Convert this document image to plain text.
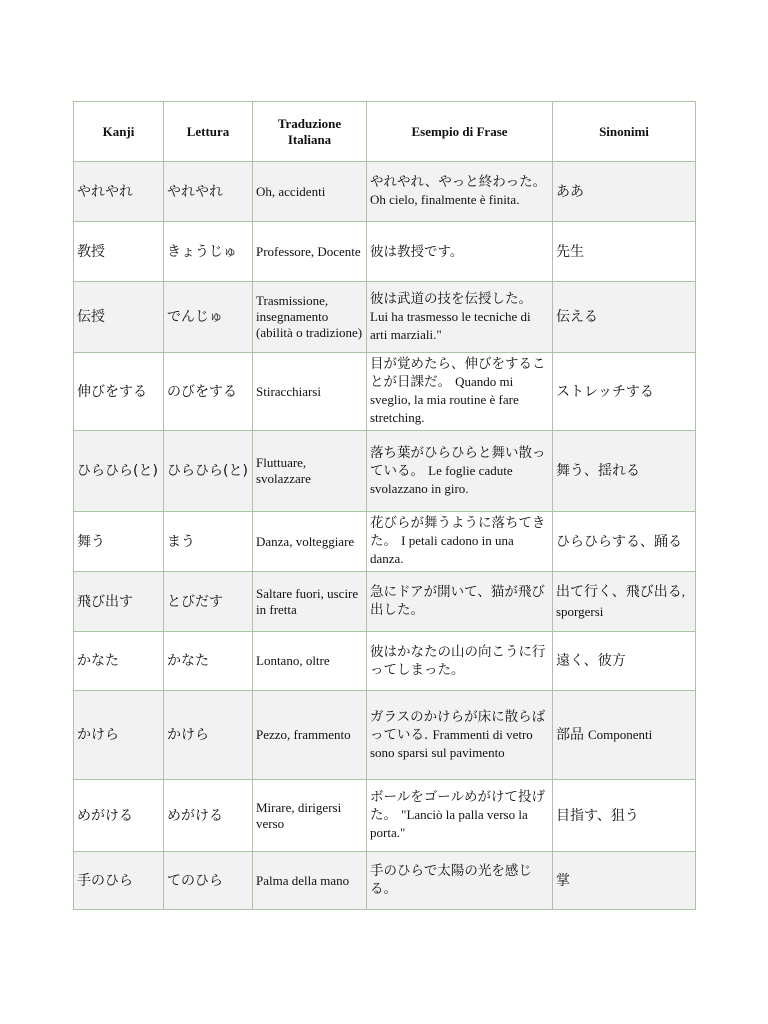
Kanji	Lettura	Traduzione Italiana	Esempio di Frase	Sinonimi
やれやれ	やれやれ	Oh, accidenti	やれやれ、やっと終わった。 Oh cielo, finalmente è finita.	ああ
教授	きょうじゅ	Professore, Docente	彼は教授です。	先生
伝授	でんじゅ	Trasmissione, insegnamento (abilità o tradizione)	彼は武道の技を伝授した。 Lui ha trasmesso le tecniche di arti marziali."	伝える
伸びをする	のびをする	Stiracchiarsi	目が覚めたら、伸びをすることが日課だ。 Quando mi sveglio, la mia routine è fare stretching.	ストレッチする
ひらひら(と)	ひらひら(と)	Fluttuare, svolazzare	落ち葉がひらひらと舞い散っている。 Le foglie cadute svolazzano in giro.	舞う、揺れる
舞う	まう	Danza, volteggiare	花びらが舞うように落ちてきた。 I petali cadono in una danza.	ひらひらする、踊る
飛び出す	とびだす	Saltare fuori, uscire in fretta	急にドアが開いて、猫が飛び出した。	出て行く、飛び出る, sporgersi
かなた	かなた	Lontano, oltre	彼はかなたの山の向こうに行ってしまった。	遠く、彼方
かけら	かけら	Pezzo, frammento	ガラスのかけらが床に散らばっている. Frammenti di vetro sono sparsi sul pavimento	部品 Componenti
めがける	めがける	Mirare, dirigersi verso	ボールをゴールめがけて投げた。 "Lanciò la palla verso la porta."	目指す、狙う
手のひら	てのひら	Palma della mano	手のひらで太陽の光を感じる。	掌
